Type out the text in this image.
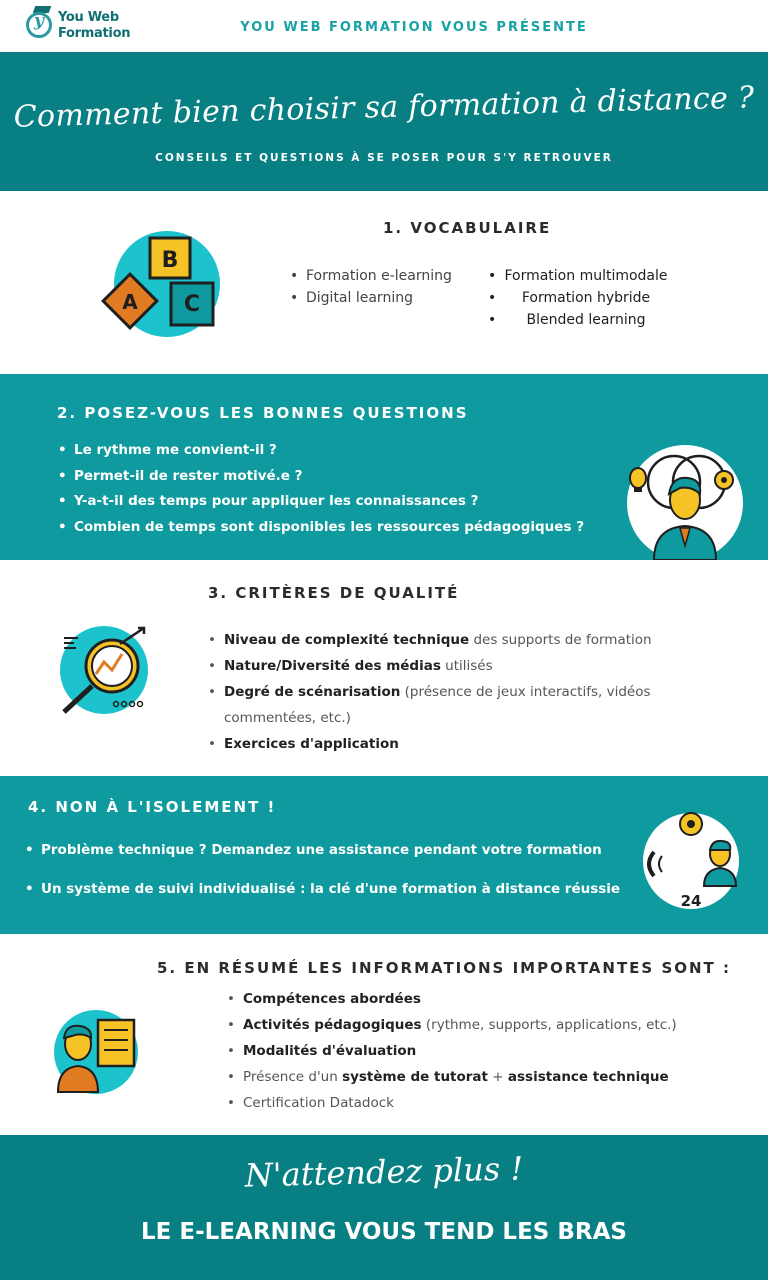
y
You Web
Formation	YOU WEB FORMATION VOUS PRÉSENTE
Comment bien choisir sa formation à distance ?
CONSEILS ET QUESTIONS À SE POSER POUR S'Y RETROUVER
1. VOCABULAIRE
B
A C
• Formation e-learning
• Digital learning
• Formation multimodale
• Formation hybride
• Blended learning
2. POSEZ-VOUS LES BONNES QUESTIONS
• Le rythme me convient-il ?
• Permet-il de rester motivé.e ?
• Y-a-t-il des temps pour appliquer les connaissances ?
• Combien de temps sont disponibles les ressources pédagogiques ?
3. CRITÈRES DE QUALITÉ
• Niveau de complexité technique des supports de formation
• Nature/Diversité des médias utilisés
• Degré de scénarisation (présence de jeux interactifs, vidéos commentées, etc.)
• Exercices d'application
4. NON À L'ISOLEMENT !
• Problème technique ? Demandez une assistance pendant votre formation
• Un système de suivi individualisé : la clé d'une formation à distance réussie
24
5. EN RÉSUMÉ LES INFORMATIONS IMPORTANTES SONT :
• Compétences abordées
• Activités pédagogiques (rythme, supports, applications, etc.)
• Modalités d'évaluation
• Présence d'un système de tutorat + assistance technique
• Certification Datadock
N'attendez plus !
LE E-LEARNING VOUS TEND LES BRAS
